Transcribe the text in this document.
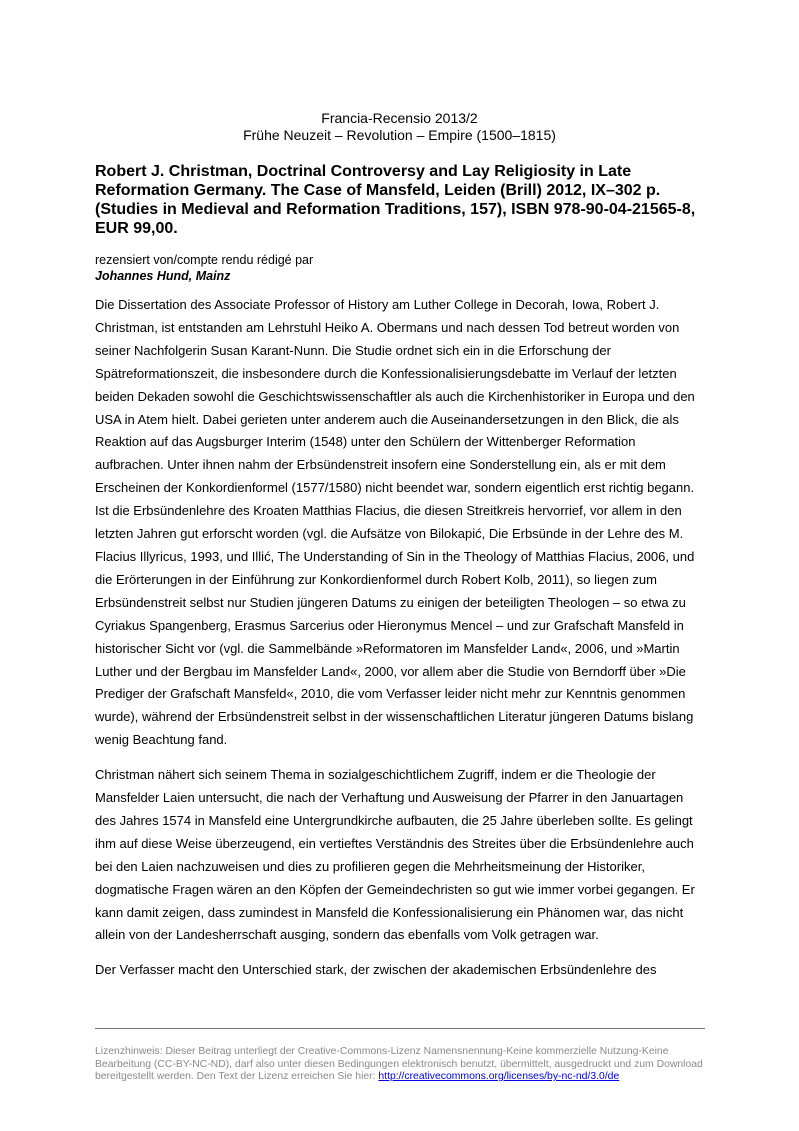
Francia-Recensio 2013/2
Frühe Neuzeit – Revolution – Empire (1500–1815)
Robert J. Christman, Doctrinal Controversy and Lay Religiosity in Late Reformation Germany. The Case of Mansfeld, Leiden (Brill) 2012, IX–302 p. (Studies in Medieval and Reformation Traditions, 157), ISBN 978-90-04-21565-8, EUR 99,00.
rezensiert von/compte rendu rédigé par
Johannes Hund, Mainz

Die Dissertation des Associate Professor of History am Luther College in Decorah, Iowa, Robert J. Christman, ist entstanden am Lehrstuhl Heiko A. Obermans und nach dessen Tod betreut worden von seiner Nachfolgerin Susan Karant-Nunn. Die Studie ordnet sich ein in die Erforschung der Spätreformationszeit, die insbesondere durch die Konfessionalisierungsdebatte im Verlauf der letzten beiden Dekaden sowohl die Geschichtswissenschaftler als auch die Kirchenhistoriker in Europa und den USA in Atem hielt. Dabei gerieten unter anderem auch die Auseinandersetzungen in den Blick, die als Reaktion auf das Augsburger Interim (1548) unter den Schülern der Wittenberger Reformation aufbrachen. Unter ihnen nahm der Erbsündenstreit insofern eine Sonderstellung ein, als er mit dem Erscheinen der Konkordienformel (1577/1580) nicht beendet war, sondern eigentlich erst richtig begann. Ist die Erbsündenlehre des Kroaten Matthias Flacius, die diesen Streitkreis hervorrief, vor allem in den letzten Jahren gut erforscht worden (vgl. die Aufsätze von Bilokapić, Die Erbsünde in der Lehre des M. Flacius Illyricus, 1993, und Illić, The Understanding of Sin in the Theology of Matthias Flacius, 2006, und die Erörterungen in der Einführung zur Konkordienformel durch Robert Kolb, 2011), so liegen zum Erbsündenstreit selbst nur Studien jüngeren Datums zu einigen der beteiligten Theologen – so etwa zu Cyriakus Spangenberg, Erasmus Sarcerius oder Hieronymus Mencel – und zur Grafschaft Mansfeld in historischer Sicht vor (vgl. die Sammelbände »Reformatoren im Mansfelder Land«, 2006, und »Martin Luther und der Bergbau im Mansfelder Land«, 2000, vor allem aber die Studie von Berndorff über »Die Prediger der Grafschaft Mansfeld«, 2010, die vom Verfasser leider nicht mehr zur Kenntnis genommen wurde), während der Erbsündenstreit selbst in der wissenschaftlichen Literatur jüngeren Datums bislang wenig Beachtung fand.

Christman nähert sich seinem Thema in sozialgeschichtlichem Zugriff, indem er die Theologie der Mansfelder Laien untersucht, die nach der Verhaftung und Ausweisung der Pfarrer in den Januartagen des Jahres 1574 in Mansfeld eine Untergrundkirche aufbauten, die 25 Jahre überleben sollte. Es gelingt ihm auf diese Weise überzeugend, ein vertieftes Verständnis des Streites über die Erbsündenlehre auch bei den Laien nachzuweisen und dies zu profilieren gegen die Mehrheitsmeinung der Historiker, dogmatische Fragen wären an den Köpfen der Gemeindechristen so gut wie immer vorbei gegangen. Er kann damit zeigen, dass zumindest in Mansfeld die Konfessionalisierung ein Phänomen war, das nicht allein von der Landesherrschaft ausging, sondern das ebenfalls vom Volk getragen war.

Der Verfasser macht den Unterschied stark, der zwischen der akademischen Erbsündenlehre des

Lizenzhinweis: Dieser Beitrag unterliegt der Creative-Commons-Lizenz Namensnennung-Keine kommerzielle Nutzung-Keine Bearbeitung (CC-BY-NC-ND), darf also unter diesen Bedingungen elektronisch benutzt, übermittelt, ausgedruckt und zum Download bereitgestellt werden. Den Text der Lizenz erreichen Sie hier: http://creativecommons.org/licenses/by-nc-nd/3.0/de
